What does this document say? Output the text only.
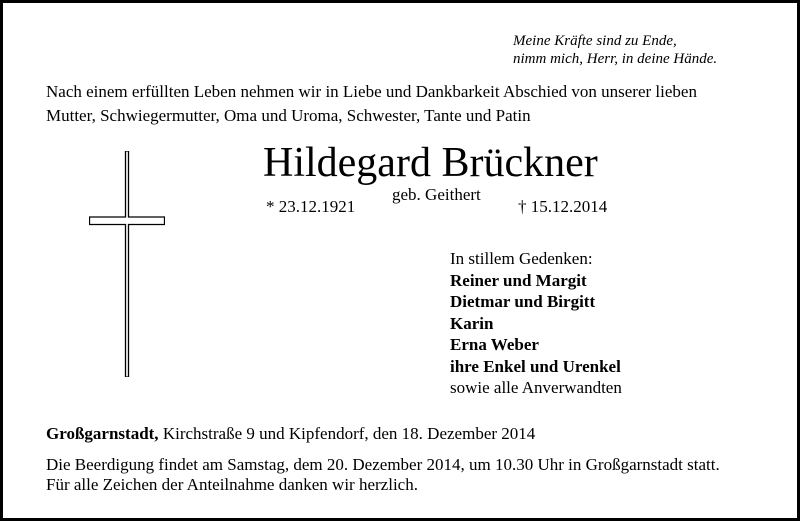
Meine Kräfte sind zu Ende,
nimm mich, Herr, in deine Hände.
Nach einem erfüllten Leben nehmen wir in Liebe und Dankbarkeit Abschied von unserer lieben
Mutter, Schwiegermutter, Oma und Uroma, Schwester, Tante und Patin
Hildegard Brückner
geb. Geithert
* 23.12.1921	† 15.12.2014
In stillem Gedenken:
Reiner und Margit
Dietmar und Birgitt
Karin
Erna Weber
ihre Enkel und Urenkel
sowie alle Anverwandten
Großgarnstadt, Kirchstraße 9 und Kipfendorf, den 18. Dezember 2014
Die Beerdigung findet am Samstag, dem 20. Dezember 2014, um 10.30 Uhr in Großgarnstadt statt.
Für alle Zeichen der Anteilnahme danken wir herzlich.
